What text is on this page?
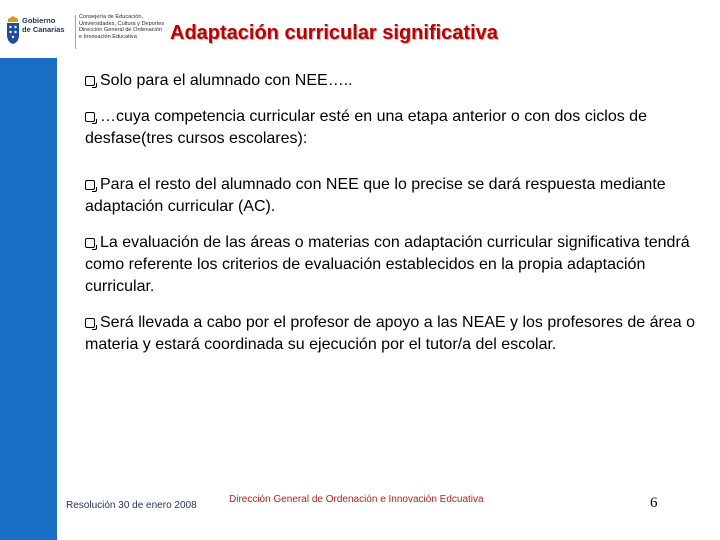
Gobierno
de Canarias
Consejería de Educación,
Universidades, Cultura y Deportes
Dirección General de Ordenación
e Innovación Educativa	Adaptación curricular significativa

Solo para el alumnado con NEE…..

…cuya competencia curricular esté en una etapa anterior o con dos ciclos de desfase(tres cursos escolares):

Para el resto del alumnado con NEE que lo precise se dará respuesta mediante adaptación curricular (AC).

La evaluación de las áreas o materias con adaptación curricular significativa tendrá como referente los criterios de evaluación establecidos en la propia adaptación curricular.

Será llevada a cabo por el profesor de apoyo a las NEAE y los profesores de área o materia y estará coordinada su ejecución por el tutor/a del escolar.

Resolución 30 de enero 2008
Dirección General de Ordenación e Innovación Edcuativa	6
